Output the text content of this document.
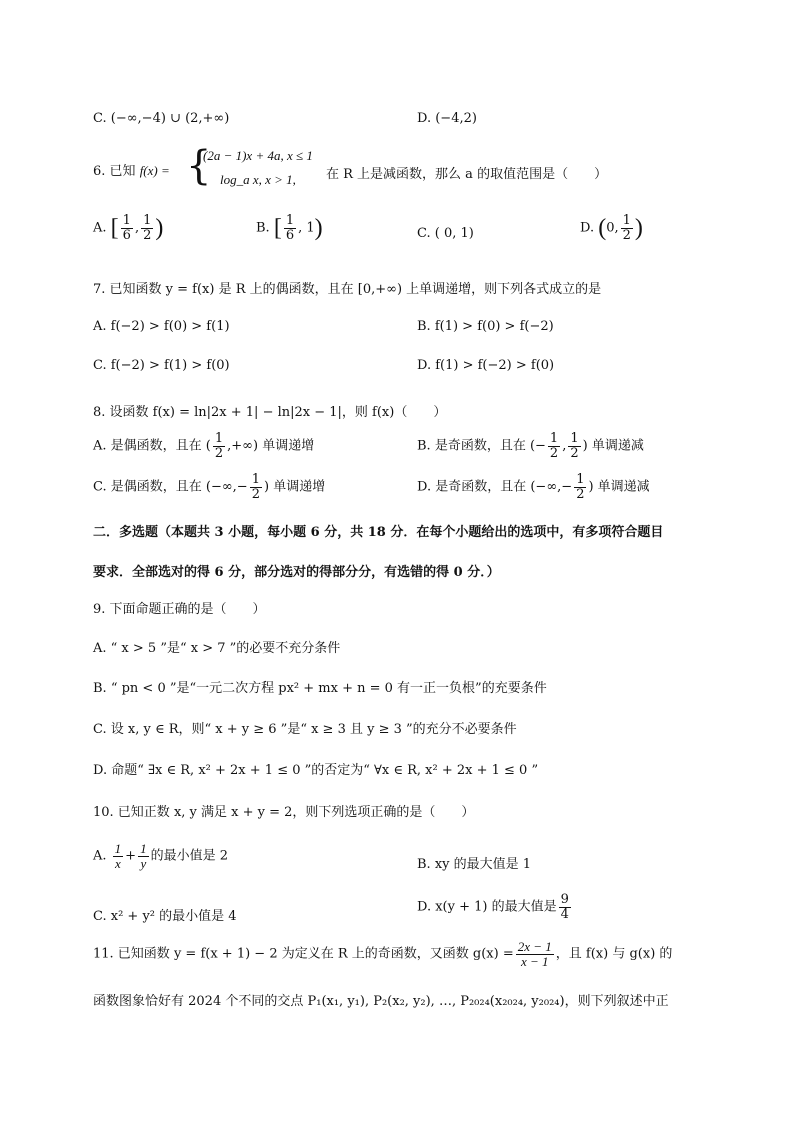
C. (−∞,−4) ∪ (2,+∞)	D. (−4,2)
6. 已知 f(x) = {
(2a − 1)x + 4a, x ≤ 1
log_a x, x > 1, 在 R 上是减函数，那么 a 的取值范围是（　　）
A. [ $\frac{1}{6}$ , $\frac{1}{2}$ )	B. [ $\frac{1}{6}$ , 1)	C. ( 0, 1)	D. (0, $\frac{1}{2}$ )
7. 已知函数 y = f(x) 是 R 上的偶函数，且在 [0,+∞) 上单调递增，则下列各式成立的是
A. f(−2) > f(0) > f(1)	B. f(1) > f(0) > f(−2)
C. f(−2) > f(1) > f(0)	D. f(1) > f(−2) > f(0)
8. 设函数 f(x) = ln|2x + 1| − ln|2x − 1|，则 f(x)（　　）
A. 是偶函数，且在 ( $\frac{1}{2}$ ,+∞) 单调递增	B. 是奇函数，且在 (− $\frac{1}{2}$ , $\frac{1}{2}$ ) 单调递减
C. 是偶函数，且在 (−∞,− $\frac{1}{2}$ ) 单调递增	D. 是奇函数，且在 (−∞,− $\frac{1}{2}$ ) 单调递减
二．多选题（本题共 3 小题，每小题 6 分，共 18 分．在每个小题给出的选项中，有多项符合题目
要求．全部选对的得 6 分，部分选对的得部分分，有选错的得 0 分．）
9. 下面命题正确的是（　　）
A. “ x > 5 ”是“ x > 7 ”的必要不充分条件
B. “ pn < 0 ”是“一元二次方程 px² + mx + n = 0 有一正一负根”的充要条件
C. 设 x, y ∈ R，则“ x + y ≥ 6 ”是“ x ≥ 3 且 y ≥ 3 ”的充分不必要条件
D. 命题“ ∃x ∈ R, x² + 2x + 1 ≤ 0 ”的否定为“ ∀x ∈ R, x² + 2x + 1 ≤ 0 ”
10. 已知正数 x, y 满足 x + y = 2，则下列选项正确的是（　　）
A. $\frac{1}{x} + \frac{1}{y}$ 的最小值是 2
B. xy 的最大值是 1
C. x² + y² 的最小值是 4
D. x(y + 1) 的最大值是 $\frac{9}{4}$
11. 已知函数 y = f(x + 1) − 2 为定义在 R 上的奇函数，又函数 $g(x) = \frac{2x - 1}{x - 1}$ ，且 f(x) 与 g(x) 的
函数图象恰好有 2024 个不同的交点 P₁(x₁, y₁), P₂(x₂, y₂), …, P₂₀₂₄(x₂₀₂₄, y₂₀₂₄)，则下列叙述中正
